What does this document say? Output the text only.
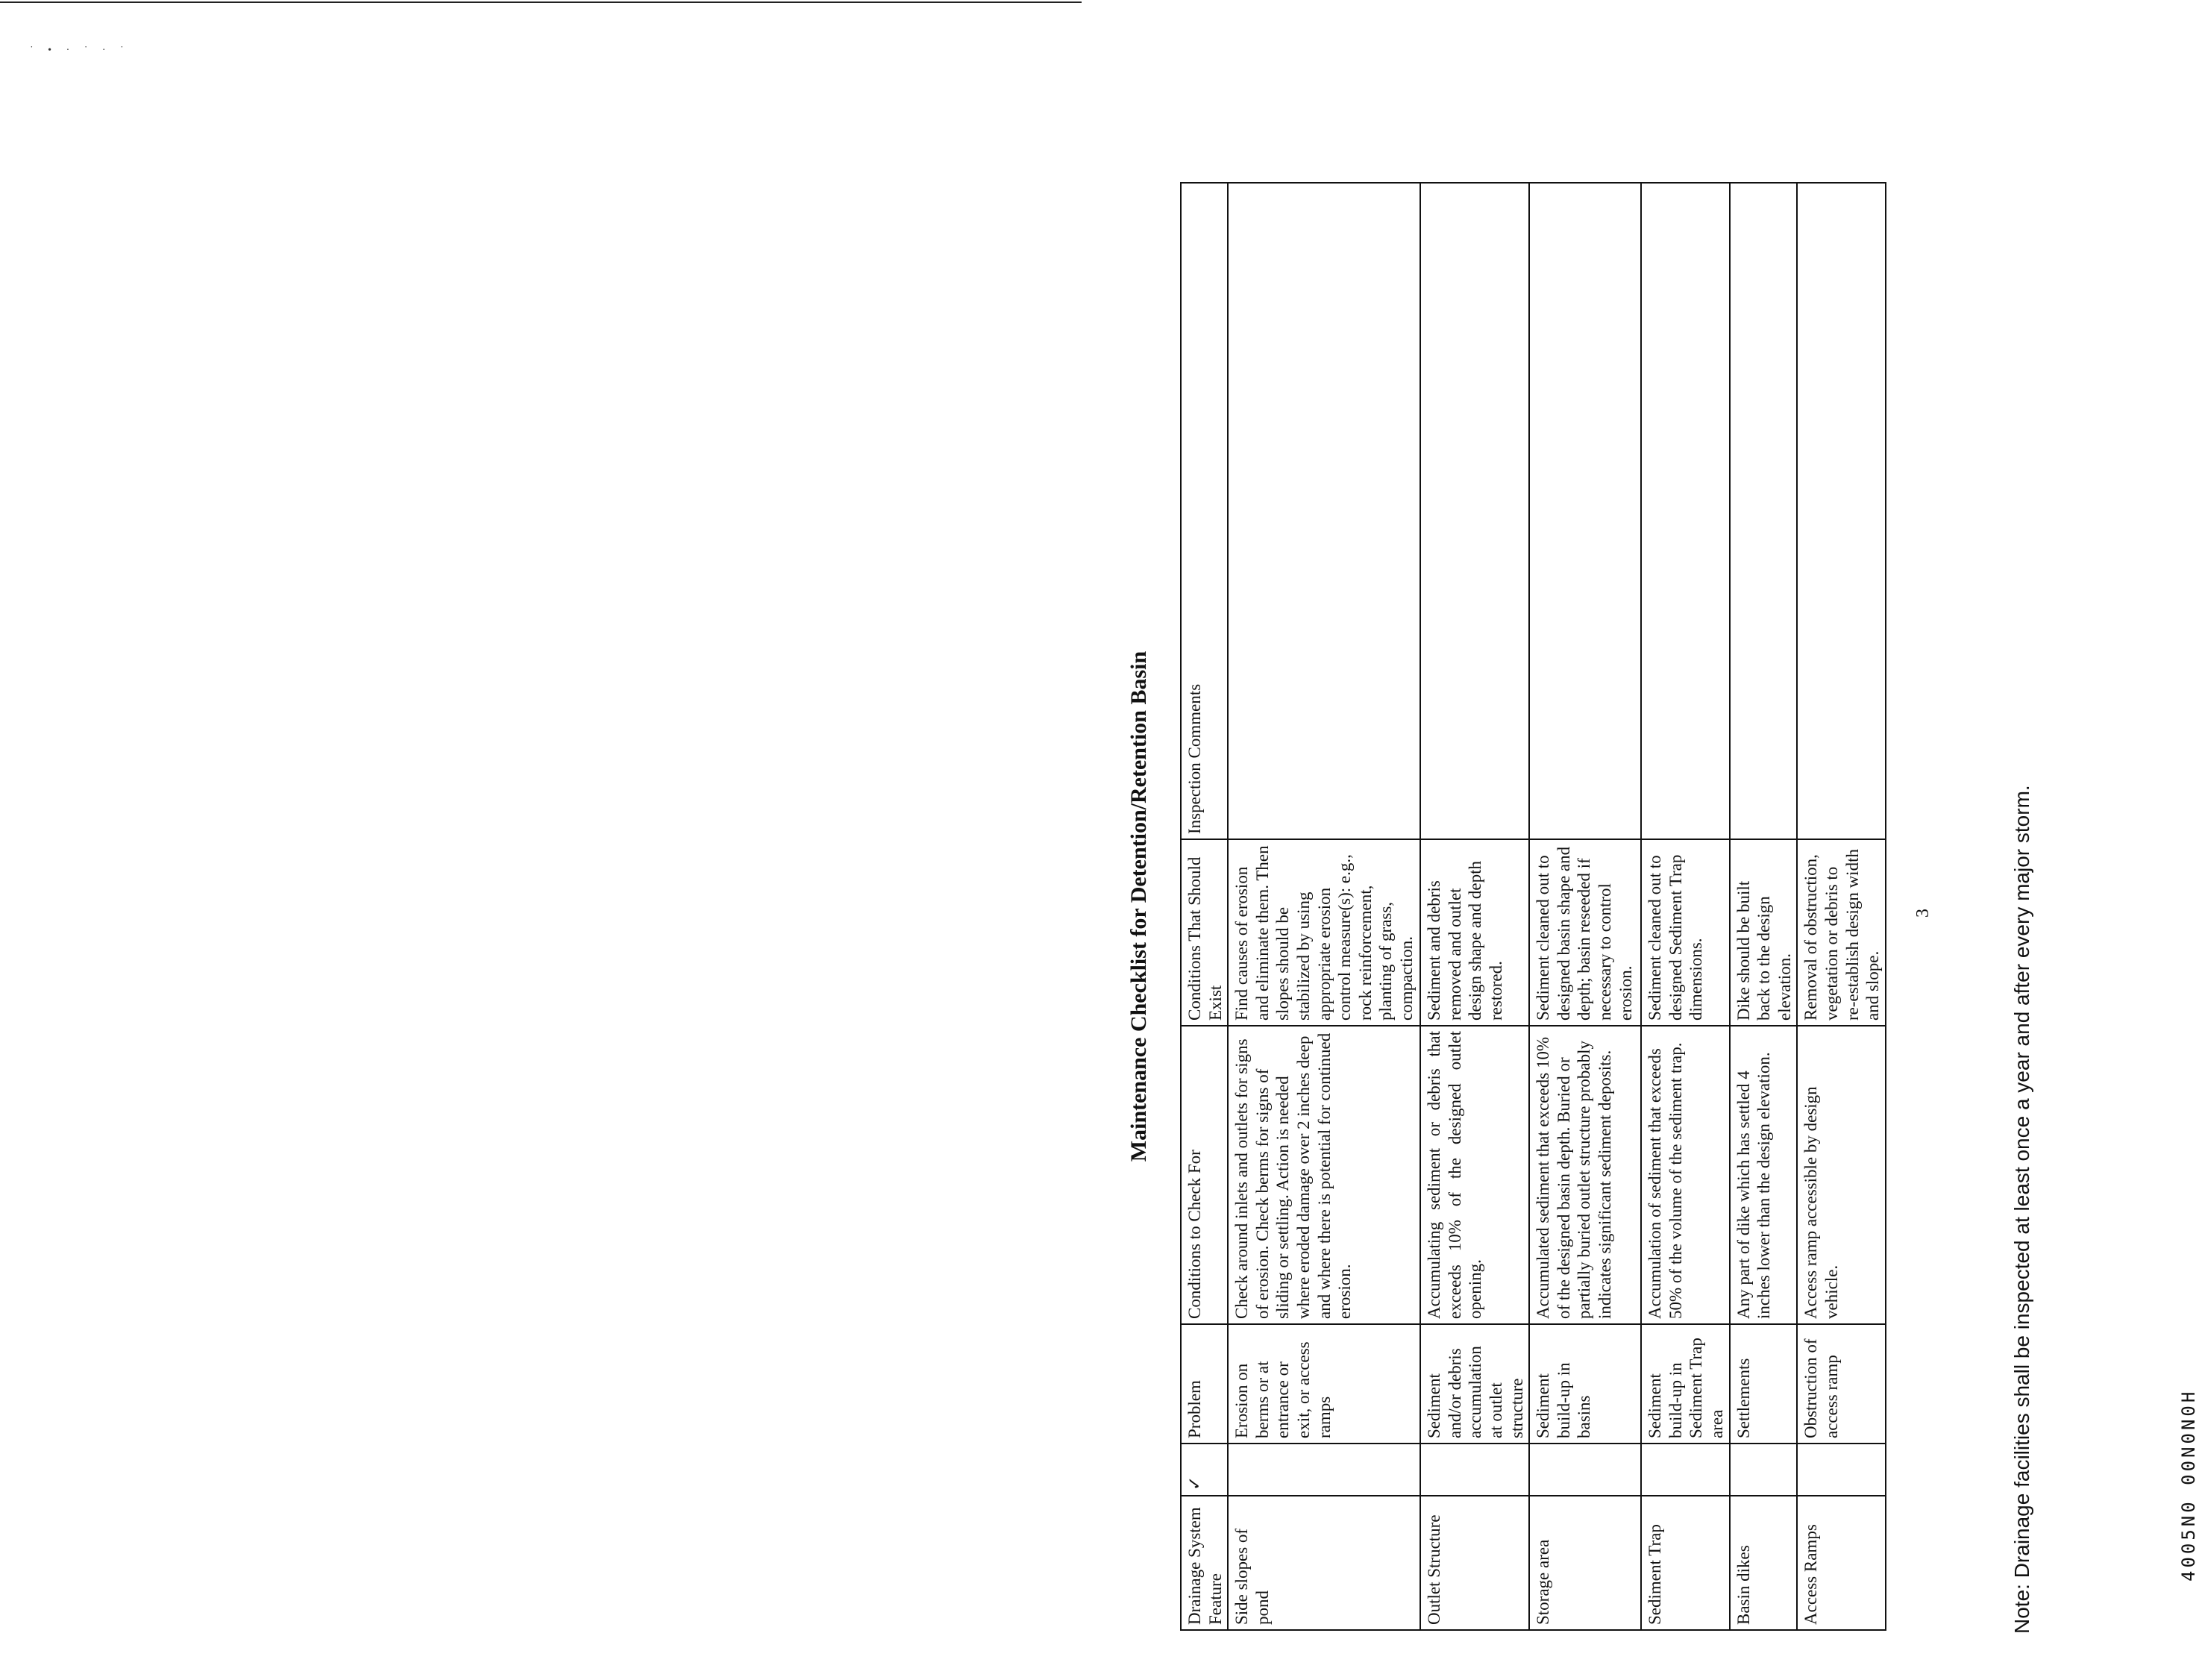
˙ • · ˙ · ˙
Maintenance Checklist for Detention/Retention Basin
Drainage System Feature	✓	Problem	Conditions to Check For	Conditions That Should Exist	Inspection Comments
Side slopes of pond		Erosion on berms or at entrance or exit, or access ramps	Check around inlets and outlets for signs of erosion. Check berms for signs of sliding or settling. Action is needed where eroded damage over 2 inches deep and where there is potential for continued erosion.	Find causes of erosion and eliminate them. Then slopes should be stabilized by using appropriate erosion control measure(s): e.g., rock reinforcement, planting of grass, compaction.	
Outlet Structure		Sediment and/or debris accumulation at outlet structure	Accumulating sediment or debris that exceeds 10% of the designed outlet opening.	Sediment and debris removed and outlet design shape and depth restored.	
Storage area		Sediment build-up in basins	Accumulated sediment that exceeds 10% of the designed basin depth. Buried or partially buried outlet structure probably indicates significant sediment deposits.	Sediment cleaned out to designed basin shape and depth; basin reseeded if necessary to control erosion.	
Sediment Trap		Sediment build-up in Sediment Trap area	Accumulation of sediment that exceeds 50% of the volume of the sediment trap.	Sediment cleaned out to designed Sediment Trap dimensions.	
Basin dikes		Settlements	Any part of dike which has settled 4 inches lower than the design elevation.	Dike should be built back to the design elevation.	
Access Ramps		Obstruction of access ramp	Access ramp accessible by design vehicle.	Removal of obstruction, vegetation or debris to re-establish design width and slope.	
3	Note: Drainage facilities shall be inspected at least once a year and after every major storm.	4005N0 00N0N0H
